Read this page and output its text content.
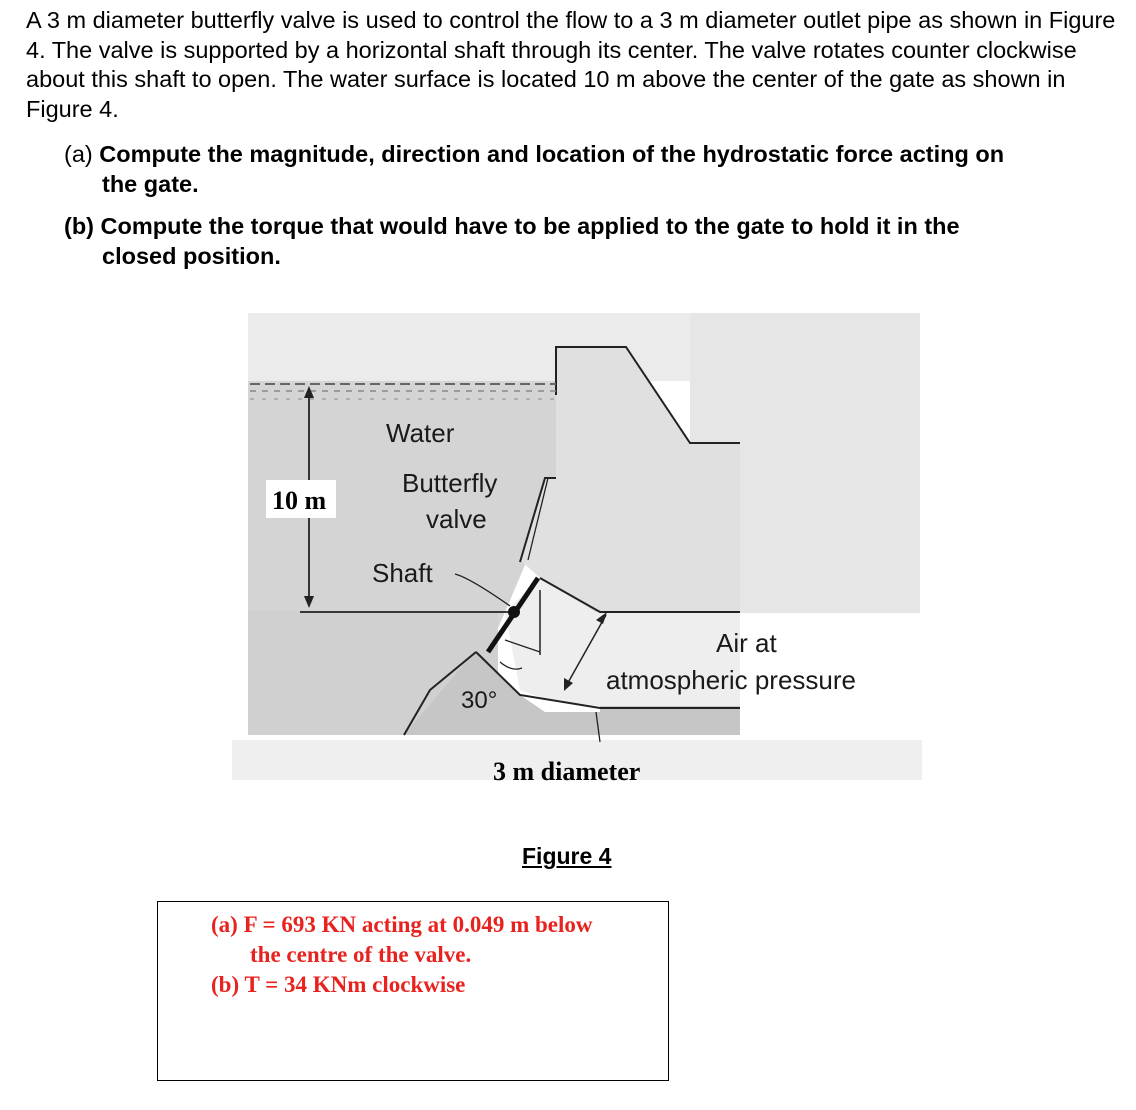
A 3 m diameter butterfly valve is used to control the flow to a 3 m diameter outlet pipe as shown in Figure 4. The valve is supported by a horizontal shaft through its center. The valve rotates counter clockwise about this shaft to open. The water surface is located 10 m above the center of the gate as shown in Figure 4.
(a) Compute the magnitude, direction and location of the hydrostatic force acting on
the gate.
(b) Compute the torque that would have to be applied to the gate to hold it in the
closed position.
Water
Butterfly
valve
Shaft
10 m
Air at
atmospheric pressure
30°
3 m diameter
Figure 4
(a) F = 693 KN acting at 0.049 m below
the centre of the valve.
(b) T = 34 KNm clockwise
